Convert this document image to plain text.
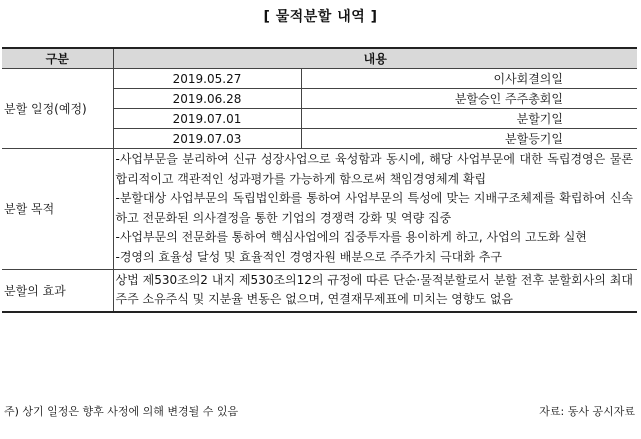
[ 물적분할 내역 ]
구분	내용	
분할 일정(예정)	2019.05.27	이사회결의일
	2019.06.28	분할승인 주주총회일
	2019.07.01	분할기일
	2019.07.03	분할등기일
분할 목적	-사업부문을 분리하여 신규 성장사업으로 육성함과 동시에, 해당 사업부문에 대한 독립경영은 물론 합리적이고 객관적인 성과평가를 가능하게 함으로써 책임경영체계 확립
-분할대상 사업부문의 독립법인화를 통하여 사업부문의 특성에 맞는 지배구조체제를 확립하여 신속하고 전문화된 의사결정을 통한 기업의 경쟁력 강화 및 역량 집중
-사업부문의 전문화를 통하여 핵심사업에의 집중투자를 용이하게 하고, 사업의 고도화 실현
-경영의 효율성 달성 및 효율적인 경영자원 배분으로 주주가치 극대화 추구	

분할의 효과	상법 제530조의2 내지 제530조의12의 규정에 따른 단순·물적분할로서 분할 전후 분할회사의 최대주주 소유주식 및 지분율 변동은 없으며, 연결재무제표에 미치는 영향도 없음	
주) 상기 일정은 향후 사정에 의해 변경될 수 있음	자료: 동사 공시자료
